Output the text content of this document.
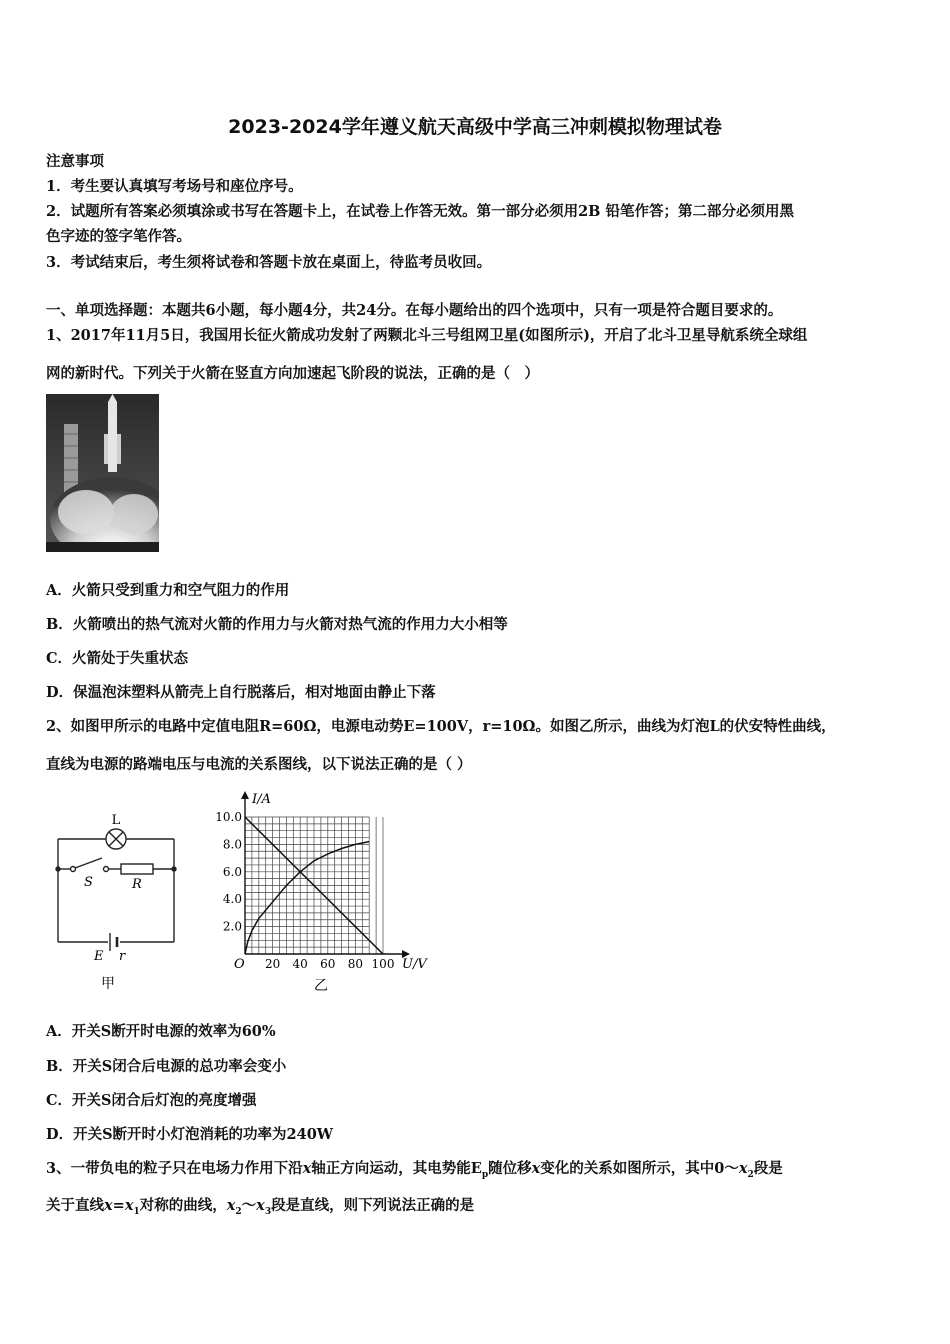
2023-2024学年遵义航天高级中学高三冲刺模拟物理试卷
注意事项
1．考生要认真填写考场号和座位序号。
2．试题所有答案必须填涂或书写在答题卡上，在试卷上作答无效。第一部分必须用2B 铅笔作答；第二部分必须用黑
色字迹的签字笔作答。
3．考试结束后，考生须将试卷和答题卡放在桌面上，待监考员收回。
一、单项选择题：本题共6小题，每小题4分，共24分。在每小题给出的四个选项中，只有一项是符合题目要求的。
1、2017年11月5日，我国用长征火箭成功发射了两颗北斗三号组网卫星(如图所示)，开启了北斗卫星导航系统全球组
网的新时代。下列关于火箭在竖直方向加速起飞阶段的说法，正确的是（　）
A．火箭只受到重力和空气阻力的作用
B．火箭喷出的热气流对火箭的作用力与火箭对热气流的作用力大小相等
C．火箭处于失重状态
D．保温泡沫塑料从箭壳上自行脱落后，相对地面由静止下落
2、如图甲所示的电路中定值电阻R=60Ω，电源电动势E=100V，r=10Ω。如图乙所示，曲线为灯泡L的伏安特性曲线，
直线为电源的路端电压与电流的关系图线，以下说法正确的是（ ）
L
S	R
E r
甲
20 40 60 80 100
2.0
4.0
6.0
8.0
10.0
I/A
U/V
O
乙
A．开关S断开时电源的效率为60%
B．开关S闭合后电源的总功率会变小
C．开关S闭合后灯泡的亮度增强
D．开关S断开时小灯泡消耗的功率为240W
3、一带负电的粒子只在电场力作用下沿x轴正方向运动，其电势能$E_p$随位移x变化的关系如图所示，其中$0\sim x_2$段是
关于直线$x=x_1$对称的曲线，$x_2\sim x_3$段是直线，则下列说法正确的是
